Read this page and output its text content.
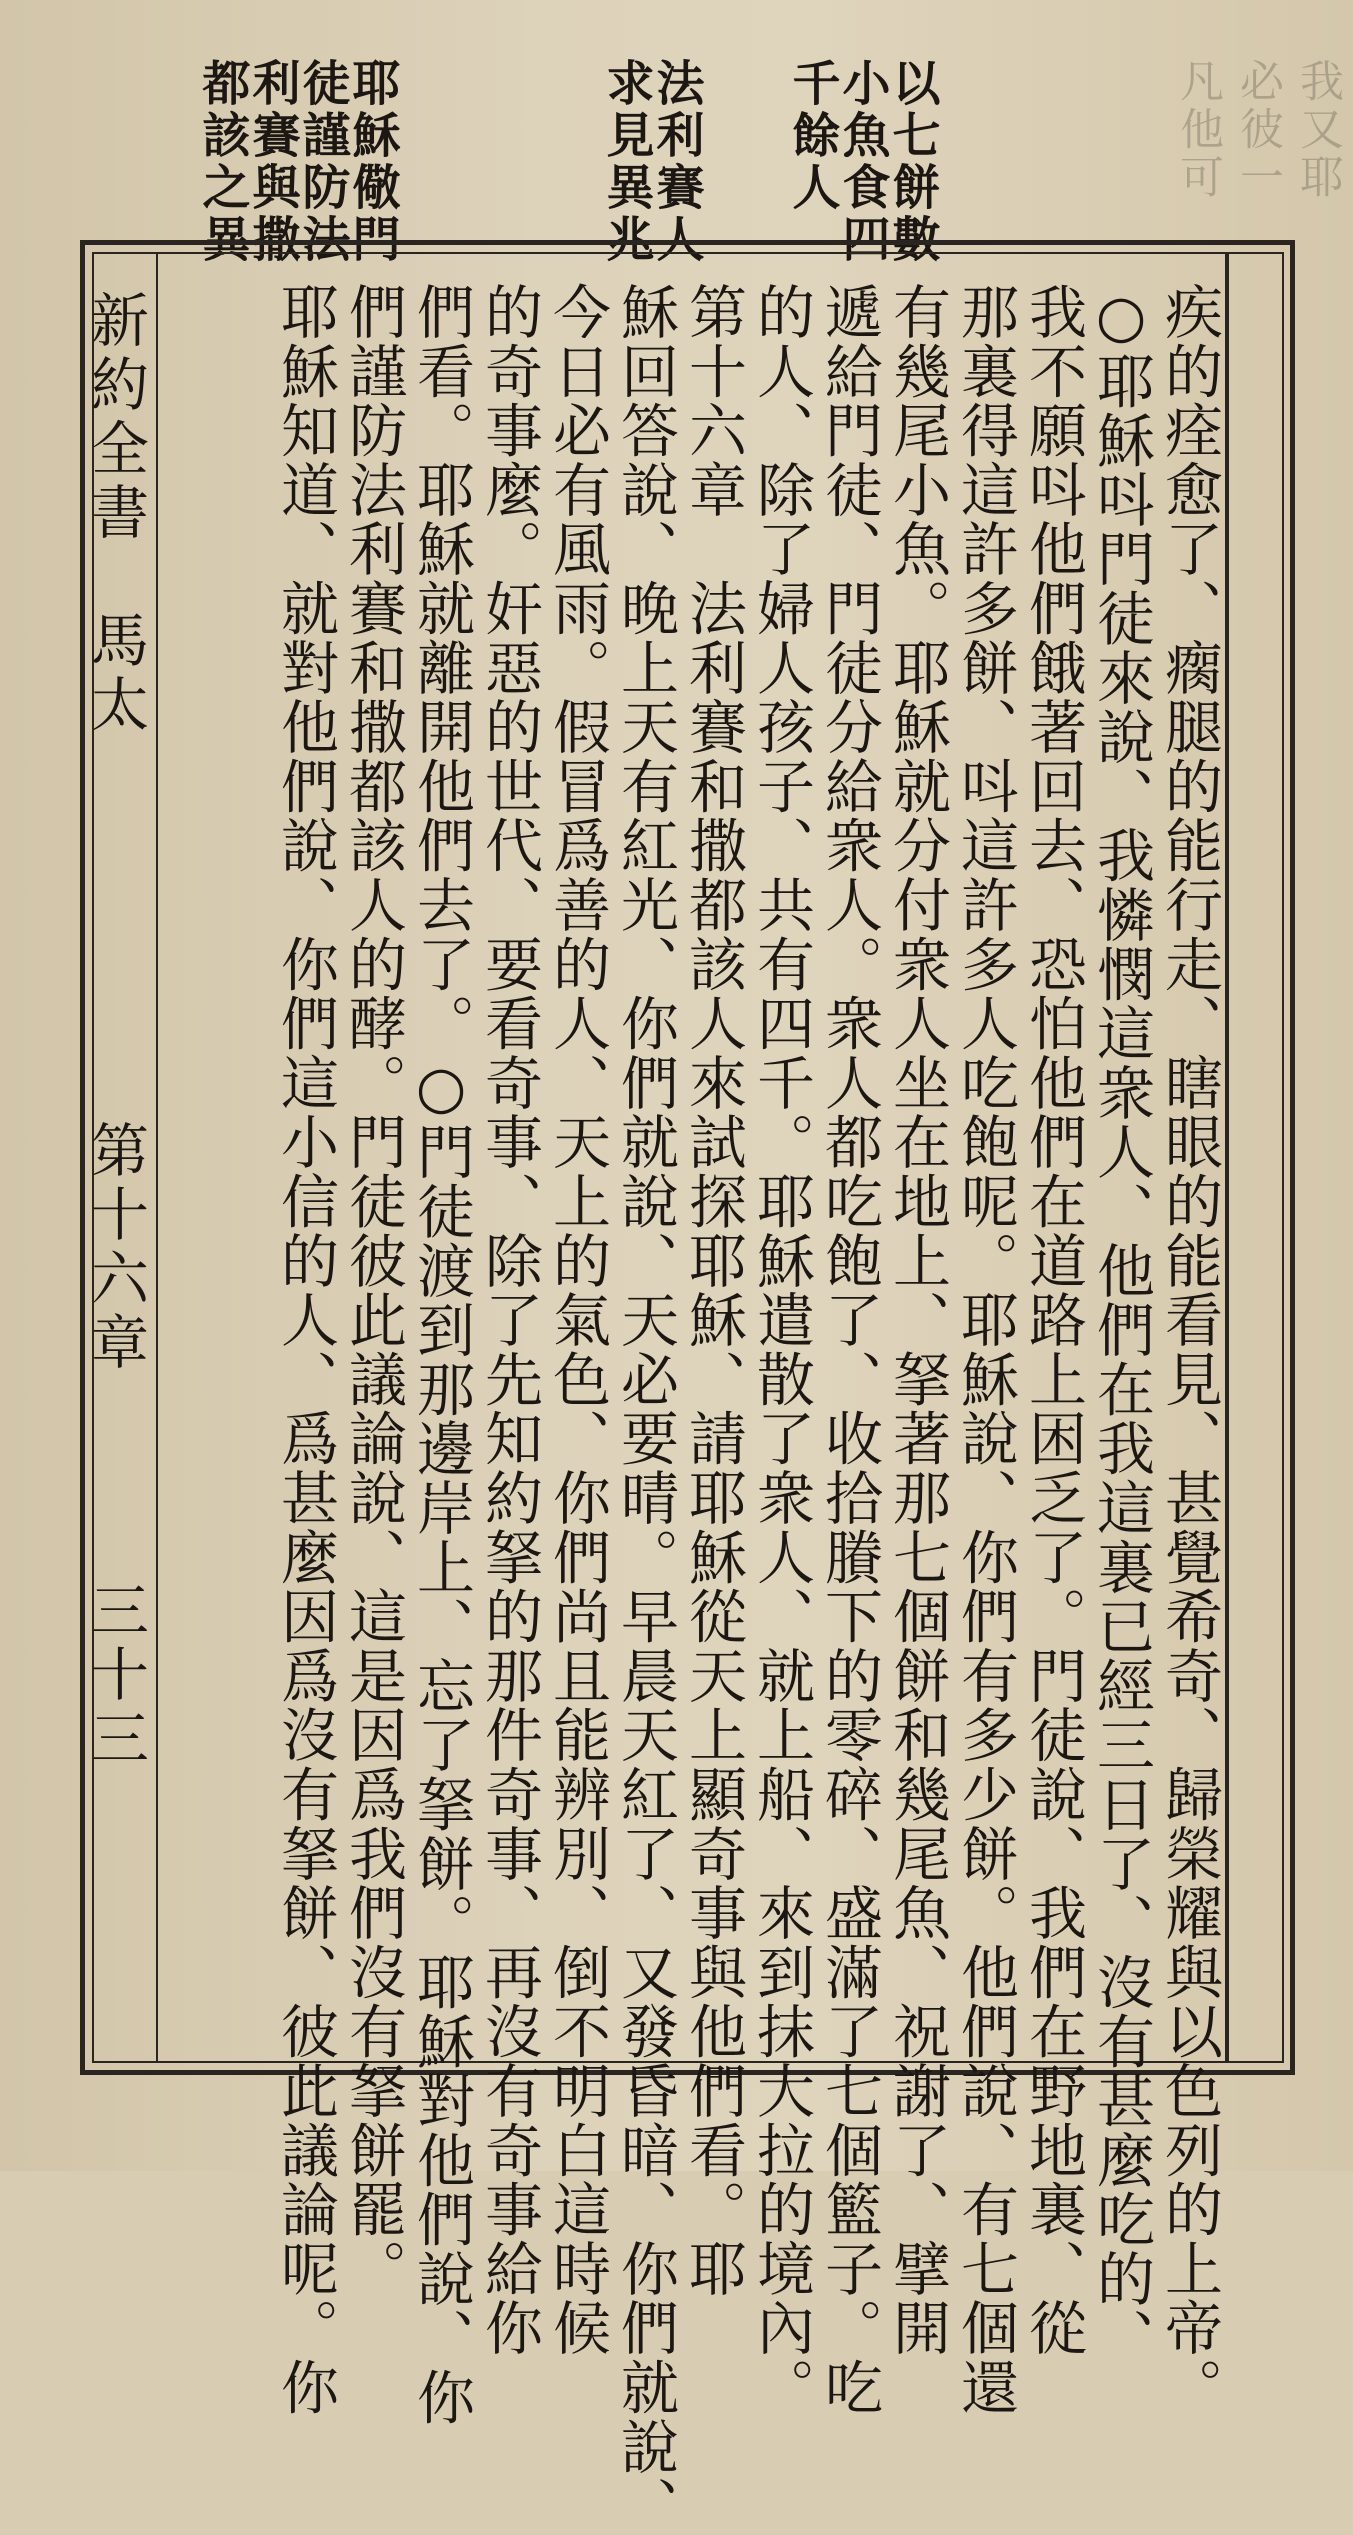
我又耶
必彼一
凡他可
以七餅數
小魚食四
千餘人
法利賽人
求見異兆
耶穌儆門
徒謹防法
利賽與撒
都該之異
疾的痊愈了、瘸腿的能行走、瞎眼的能看見、甚覺希奇、歸榮耀與以色列的上帝。
○耶穌呌門徒來說、我憐憫這衆人、他們在我這裏已經三日了、沒有甚麼吃的、
我不願呌他們餓著回去、恐怕他們在道路上困乏了。門徒說、我們在野地裏、從
那裏得這許多餅、呌這許多人吃飽呢。耶穌說、你們有多少餅。他們說、有七個還
有幾尾小魚。耶穌就分付衆人坐在地上、拏著那七個餅和幾尾魚、祝謝了、擘開
遞給門徒、門徒分給衆人。衆人都吃飽了、收拾賸下的零碎、盛滿了七個籃子。吃
的人、除了婦人孩子、共有四千。耶穌遣散了衆人、就上船、來到抹大拉的境內。
第十六章　法利賽和撒都該人來試探耶穌、請耶穌從天上顯奇事與他們看。耶
穌回答說、晚上天有紅光、你們就說、天必要晴。早晨天紅了、又發昏暗、你們就說、
今日必有風雨。假冒爲善的人、天上的氣色、你們尚且能辨別、倒不明白這時候
的奇事麼。奸惡的世代、要看奇事、除了先知約拏的那件奇事、再沒有奇事給你
們看。耶穌就離開他們去了。○門徒渡到那邊岸上、忘了拏餅。耶穌對他們說、你
們謹防法利賽和撒都該人的酵。門徒彼此議論說、這是因爲我們沒有拏餅罷。
耶穌知道、就對他們說、你們這小信的人、爲甚麼因爲沒有拏餅、彼此議論呢。你
新約全書
馬太
第十六章
三十三
